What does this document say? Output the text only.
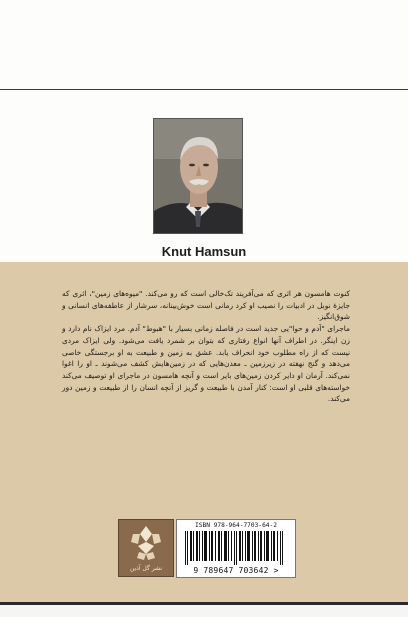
Knut Hamsun

کنوت هامسون هر اثری که می‌آفریند تک‌خالی است که رو می‌کند. "میوه‌های زمین"، اثری که جایزهٔ نوبل در ادبیات را نصیب او کرد رمانی است خوش‌بینانه، سرشار از عاطفه‌های انسانی و شوق‌انگیز.

ماجرای "آدم و حوا"یی جدید است در فاصله زمانی بسیار با "هبوط" آدم. مرد ایزاک نام دارد و زن اینگر. در اطراف آنها انواع رفتاری که بتوان بر شمرد یافت می‌شود. ولی ایزاک مردی نیست که از راه مطلوب خود انحراف یابد. عشق به زمین و طبیعت به او برجستگی خاصی می‌دهد و گنج نهفته در زیرزمین ـ معدن‌هایی که در زمین‌هایش کشف می‌شوند ـ او را اغوا نمی‌کند. آرمان او دایر کردن زمین‌های بایر است و آنچه هامسون در ماجرای او توصیف می‌کند خواسته‌های قلبی او است: کنار آمدن با طبیعت و گریز از آنچه انسان را از طبیعت و زمین دور می‌کند.

نشر گل آذین
ISBN 978-964-7703-64-2
9 789647 703642 >
